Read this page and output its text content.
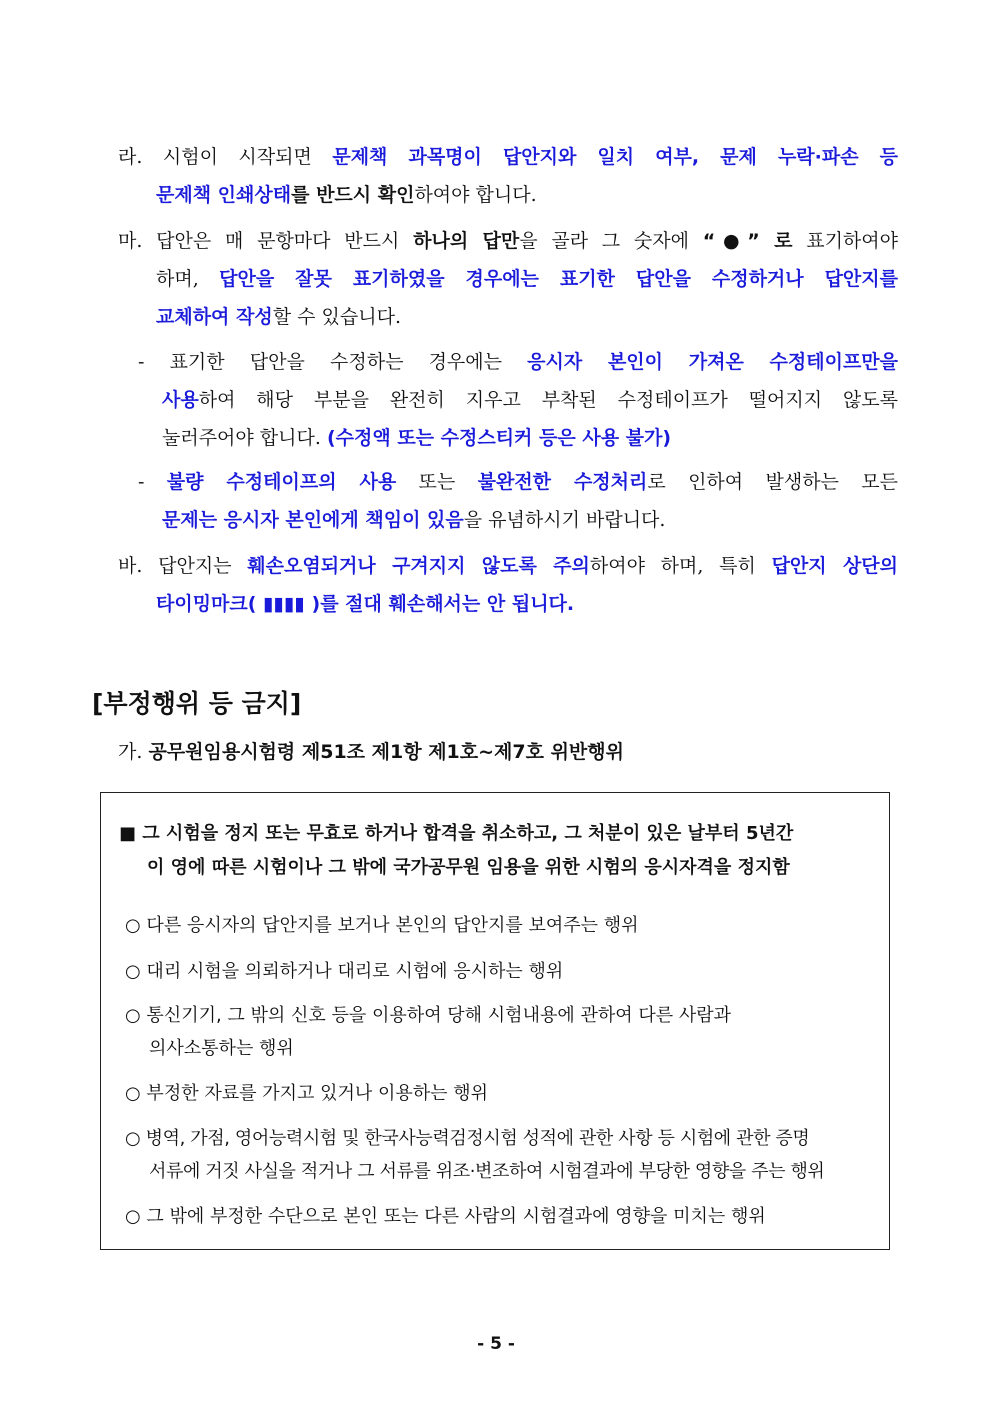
라. 시험이 시작되면 문제책 과목명이 답안지와 일치 여부, 문제 누락·파손 등
문제책 인쇄상태를 반드시 확인하여야 합니다.
마. 답안은 매 문항마다 반드시 하나의 답만을 골라 그 숫자에 “●” 로 표기하여야
하며, 답안을 잘못 표기하였을 경우에는 표기한 답안을 수정하거나 답안지를
교체하여 작성할 수 있습니다.
- 표기한 답안을 수정하는 경우에는 응시자 본인이 가져온 수정테이프만을
사용하여 해당 부분을 완전히 지우고 부착된 수정테이프가 떨어지지 않도록
눌러주어야 합니다. (수정액 또는 수정스티커 등은 사용 불가)
- 불량 수정테이프의 사용 또는 불완전한 수정처리로 인하여 발생하는 모든
문제는 응시자 본인에게 책임이 있음을 유념하시기 바랍니다.
바. 답안지는 훼손오염되거나 구겨지지 않도록 주의하여야 하며, 특히 답안지 상단의
타이밍마크( ▮▮▮▮ )를 절대 훼손해서는 안 됩니다.
[부정행위 등 금지]
가. 공무원임용시험령 제51조 제1항 제1호~제7호 위반행위
■ 그 시험을 정지 또는 무효로 하거나 합격을 취소하고, 그 처분이 있은 날부터 5년간
이 영에 따른 시험이나 그 밖에 국가공무원 임용을 위한 시험의 응시자격을 정지함
○ 다른 응시자의 답안지를 보거나 본인의 답안지를 보여주는 행위
○ 대리 시험을 의뢰하거나 대리로 시험에 응시하는 행위
○ 통신기기, 그 밖의 신호 등을 이용하여 당해 시험내용에 관하여 다른 사람과
의사소통하는 행위
○ 부정한 자료를 가지고 있거나 이용하는 행위
○ 병역, 가점, 영어능력시험 및 한국사능력검정시험 성적에 관한 사항 등 시험에 관한 증명
서류에 거짓 사실을 적거나 그 서류를 위조·변조하여 시험결과에 부당한 영향을 주는 행위
○ 그 밖에 부정한 수단으로 본인 또는 다른 사람의 시험결과에 영향을 미치는 행위
- 5 -
